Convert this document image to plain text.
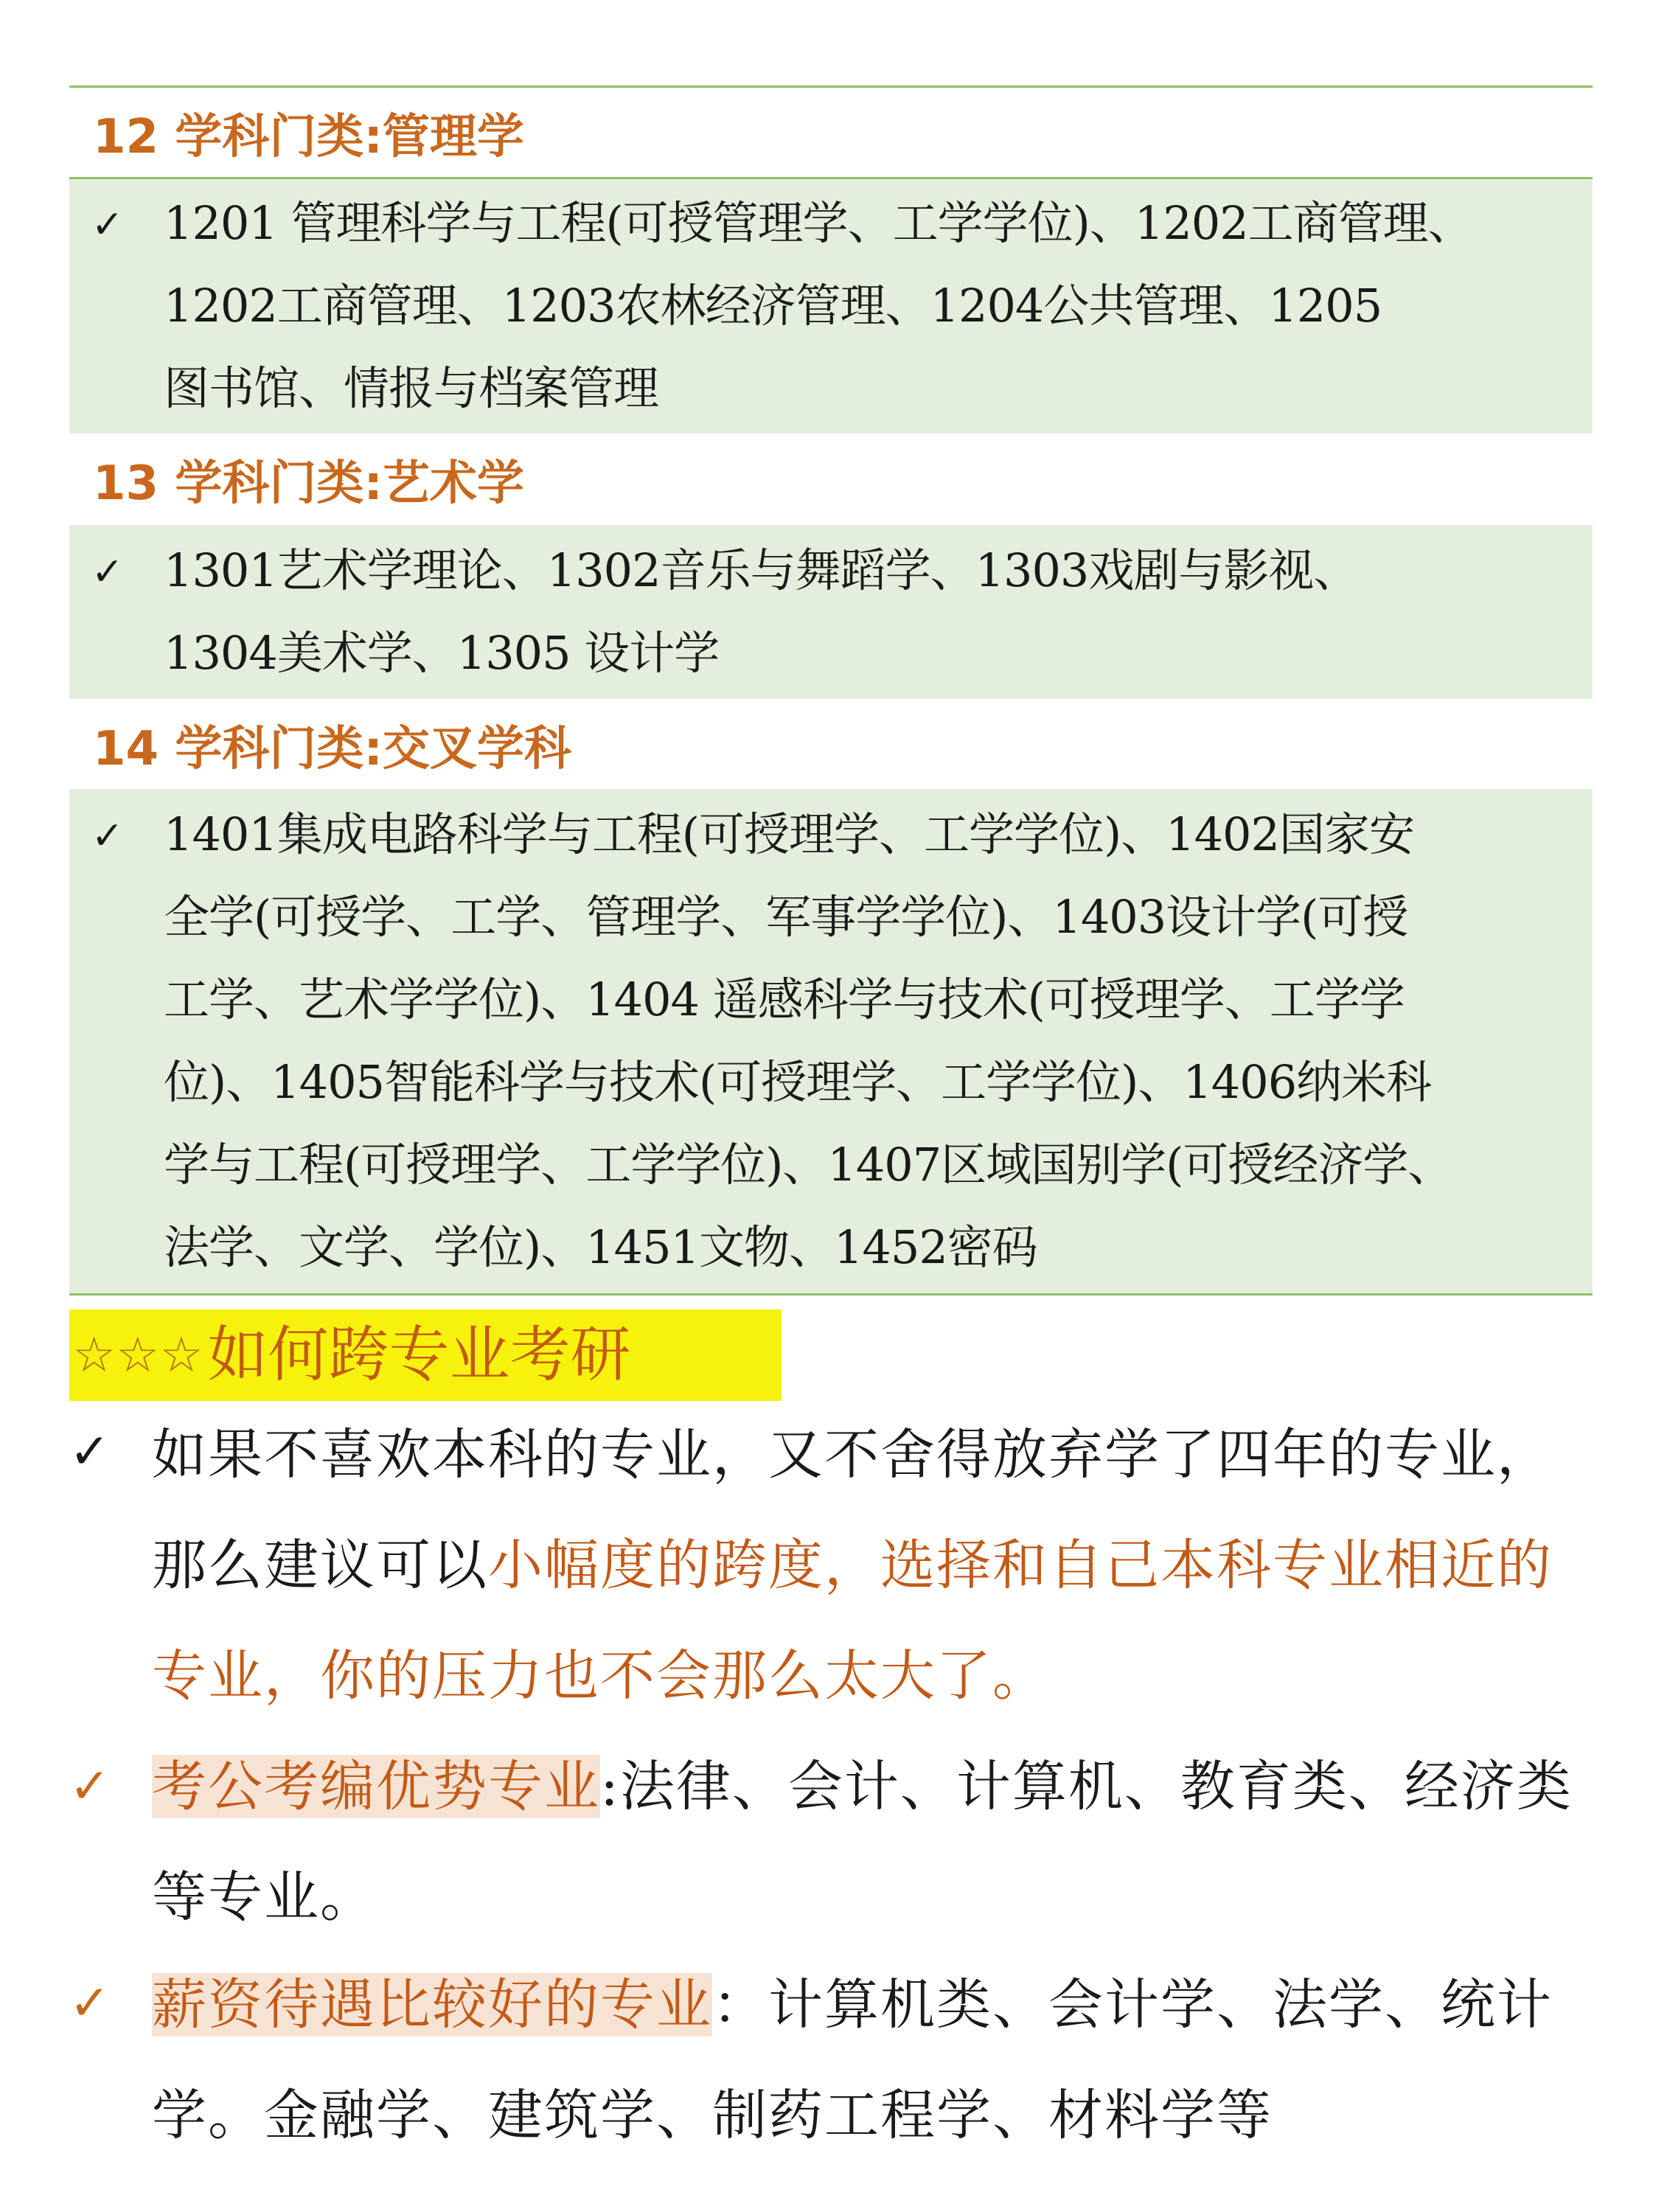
12 学科门类:管理学
✓ 1201 管理科学与工程(可授管理学、工学学位)、1202工商管理、
1202工商管理、1203农林经济管理、1204公共管理、1205
图书馆、情报与档案管理
13 学科门类:艺术学
✓ 1301艺术学理论、1302音乐与舞蹈学、1303戏剧与影视、
1304美术学、1305 设计学
14 学科门类:交叉学科
✓ 1401集成电路科学与工程(可授理学、工学学位)、1402国家安
全学(可授学、工学、管理学、军事学学位)、1403设计学(可授
工学、艺术学学位)、1404 遥感科学与技术(可授理学、工学学
位)、1405智能科学与技术(可授理学、工学学位)、1406纳米科
学与工程(可授理学、工学学位)、1407区域国别学(可授经济学、
法学、文学、学位)、1451文物、1452密码
☆☆☆如何跨专业考研
✓ 如果不喜欢本科的专业，又不舍得放弃学了四年的专业，那么建议可以小幅度的跨度，选择和自己本科专业相近的专业，你的压力也不会那么太大了。
✓ 考公考编优势专业:法律、会计、计算机、教育类、经济类等专业。
✓ 薪资待遇比较好的专业：计算机类、会计学、法学、统计学。金融学、建筑学、制药工程学、材料学等
